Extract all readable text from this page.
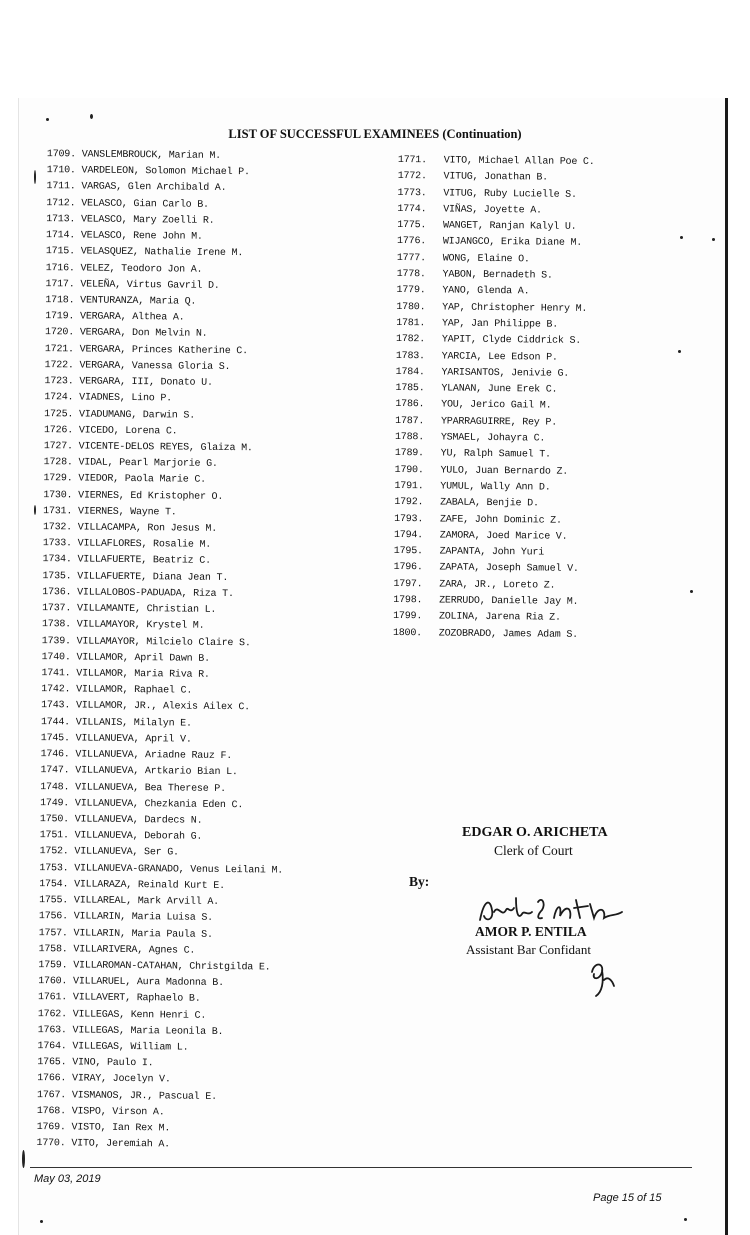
LIST OF SUCCESSFUL EXAMINEES (Continuation)
1709. VANSLEMBROUCK, Marian M.
1710. VARDELEON, Solomon Michael P.
1711. VARGAS, Glen Archibald A.
1712. VELASCO, Gian Carlo B.
1713. VELASCO, Mary Zoelli R.
1714. VELASCO, Rene John M.
1715. VELASQUEZ, Nathalie Irene M.
1716. VELEZ, Teodoro Jon A.
1717. VELEÑA, Virtus Gavril D.
1718. VENTURANZA, Maria Q.
1719. VERGARA, Althea A.
1720. VERGARA, Don Melvin N.
1721. VERGARA, Princes Katherine C.
1722. VERGARA, Vanessa Gloria S.
1723. VERGARA, III, Donato U.
1724. VIADNES, Lino P.
1725. VIADUMANG, Darwin S.
1726. VICEDO, Lorena C.
1727. VICENTE-DELOS REYES, Glaiza M.
1728. VIDAL, Pearl Marjorie G.
1729. VIEDOR, Paola Marie C.
1730. VIERNES, Ed Kristopher O.
1731. VIERNES, Wayne T.
1732. VILLACAMPA, Ron Jesus M.
1733. VILLAFLORES, Rosalie M.
1734. VILLAFUERTE, Beatriz C.
1735. VILLAFUERTE, Diana Jean T.
1736. VILLALOBOS-PADUADA, Riza T.
1737. VILLAMANTE, Christian L.
1738. VILLAMAYOR, Krystel M.
1739. VILLAMAYOR, Milcielo Claire S.
1740. VILLAMOR, April Dawn B.
1741. VILLAMOR, Maria Riva R.
1742. VILLAMOR, Raphael C.
1743. VILLAMOR, JR., Alexis Ailex C.
1744. VILLANIS, Milalyn E.
1745. VILLANUEVA, April V.
1746. VILLANUEVA, Ariadne Rauz F.
1747. VILLANUEVA, Artkario Bian L.
1748. VILLANUEVA, Bea Therese P.
1749. VILLANUEVA, Chezkania Eden C.
1750. VILLANUEVA, Dardecs N.
1751. VILLANUEVA, Deborah G.
1752. VILLANUEVA, Ser G.
1753. VILLANUEVA-GRANADO, Venus Leilani M.
1754. VILLARAZA, Reinald Kurt E.
1755. VILLAREAL, Mark Arvill A.
1756. VILLARIN, Maria Luisa S.
1757. VILLARIN, Maria Paula S.
1758. VILLARIVERA, Agnes C.
1759. VILLAROMAN-CATAHAN, Christgilda E.
1760. VILLARUEL, Aura Madonna B.
1761. VILLAVERT, Raphaelo B.
1762. VILLEGAS, Kenn Henri C.
1763. VILLEGAS, Maria Leonila B.
1764. VILLEGAS, William L.
1765. VINO, Paulo I.
1766. VIRAY, Jocelyn V.
1767. VISMANOS, JR., Pascual E.
1768. VISPO, Virson A.
1769. VISTO, Ian Rex M.
1770. VITO, Jeremiah A.
1771. VITO, Michael Allan Poe C.
1772. VITUG, Jonathan B.
1773. VITUG, Ruby Lucielle S.
1774. VIÑAS, Joyette A.
1775. WANGET, Ranjan Kalyl U.
1776. WIJANGCO, Erika Diane M.
1777. WONG, Elaine O.
1778. YABON, Bernadeth S.
1779. YANO, Glenda A.
1780. YAP, Christopher Henry M.
1781. YAP, Jan Philippe B.
1782. YAPIT, Clyde Ciddrick S.
1783. YARCIA, Lee Edson P.
1784. YARISANTOS, Jenivie G.
1785. YLANAN, June Erek C.
1786. YOU, Jerico Gail M.
1787. YPARRAGUIRRE, Rey P.
1788. YSMAEL, Johayra C.
1789. YU, Ralph Samuel T.
1790. YULO, Juan Bernardo Z.
1791. YUMUL, Wally Ann D.
1792. ZABALA, Benjie D.
1793. ZAFE, John Dominic Z.
1794. ZAMORA, Joed Marice V.
1795. ZAPANTA, John Yuri
1796. ZAPATA, Joseph Samuel V.
1797. ZARA, JR., Loreto Z.
1798. ZERRUDO, Danielle Jay M.
1799. ZOLINA, Jarena Ria Z.
1800. ZOZOBRADO, James Adam S.
EDGAR O. ARICHETA
Clerk of Court
By:
AMOR P. ENTILA
Assistant Bar Confidant
May 03, 2019
Page 15 of 15
